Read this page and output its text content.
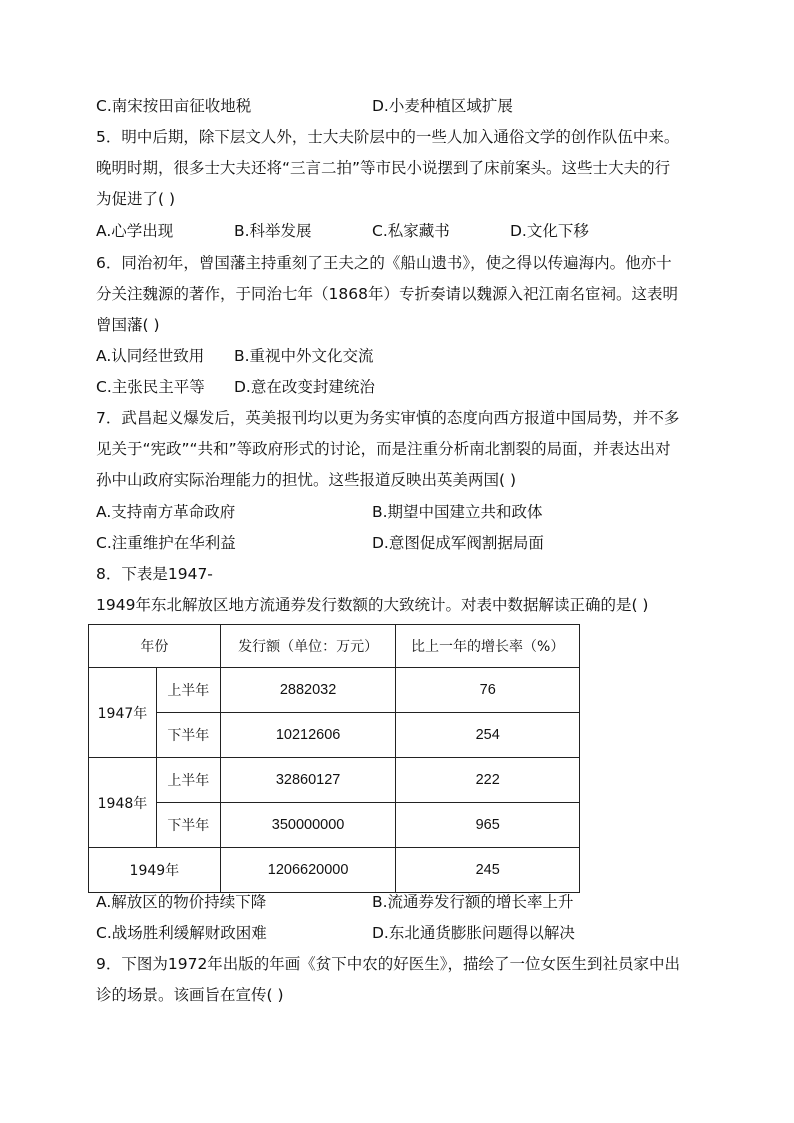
C.南宋按田亩征收地税	D.小麦种植区域扩展
5．明中后期，除下层文人外，士大夫阶层中的一些人加入通俗文学的创作队伍中来。
晚明时期，很多士大夫还将“三言二拍”等市民小说摆到了床前案头。这些士大夫的行
为促进了( )
A.心学出现	B.科举发展	C.私家藏书	D.文化下移
6．同治初年，曾国藩主持重刻了王夫之的《船山遗书》，使之得以传遍海内。他亦十
分关注魏源的著作，于同治七年（1868年）专折奏请以魏源入祀江南名宦祠。这表明
曾国藩( )
A.认同经世致用 B.重视中外文化交流
C.主张民主平等 D.意在改变封建统治
7．武昌起义爆发后，英美报刊均以更为务实审慎的态度向西方报道中国局势，并不多
见关于“宪政”“共和”等政府形式的讨论，而是注重分析南北割裂的局面，并表达出对
孙中山政府实际治理能力的担忧。这些报道反映出英美两国( )
A.支持南方革命政府	B.期望中国建立共和政体
C.注重维护在华利益	D.意图促成军阀割据局面
8．下表是1947-
1949年东北解放区地方流通券发行数额的大致统计。对表中数据解读正确的是( )
年份		发行额（单位：万元）	比上一年的增长率（%）
1947年	上半年	2882032	76
	下半年	10212606	254
1948年	上半年	32860127	222
	下半年	350000000	965
1949年		1206620000	245
A.解放区的物价持续下降	B.流通券发行额的增长率上升
C.战场胜利缓解财政困难	D.东北通货膨胀问题得以解决
9．下图为1972年出版的年画《贫下中农的好医生》，描绘了一位女医生到社员家中出
诊的场景。该画旨在宣传( )
